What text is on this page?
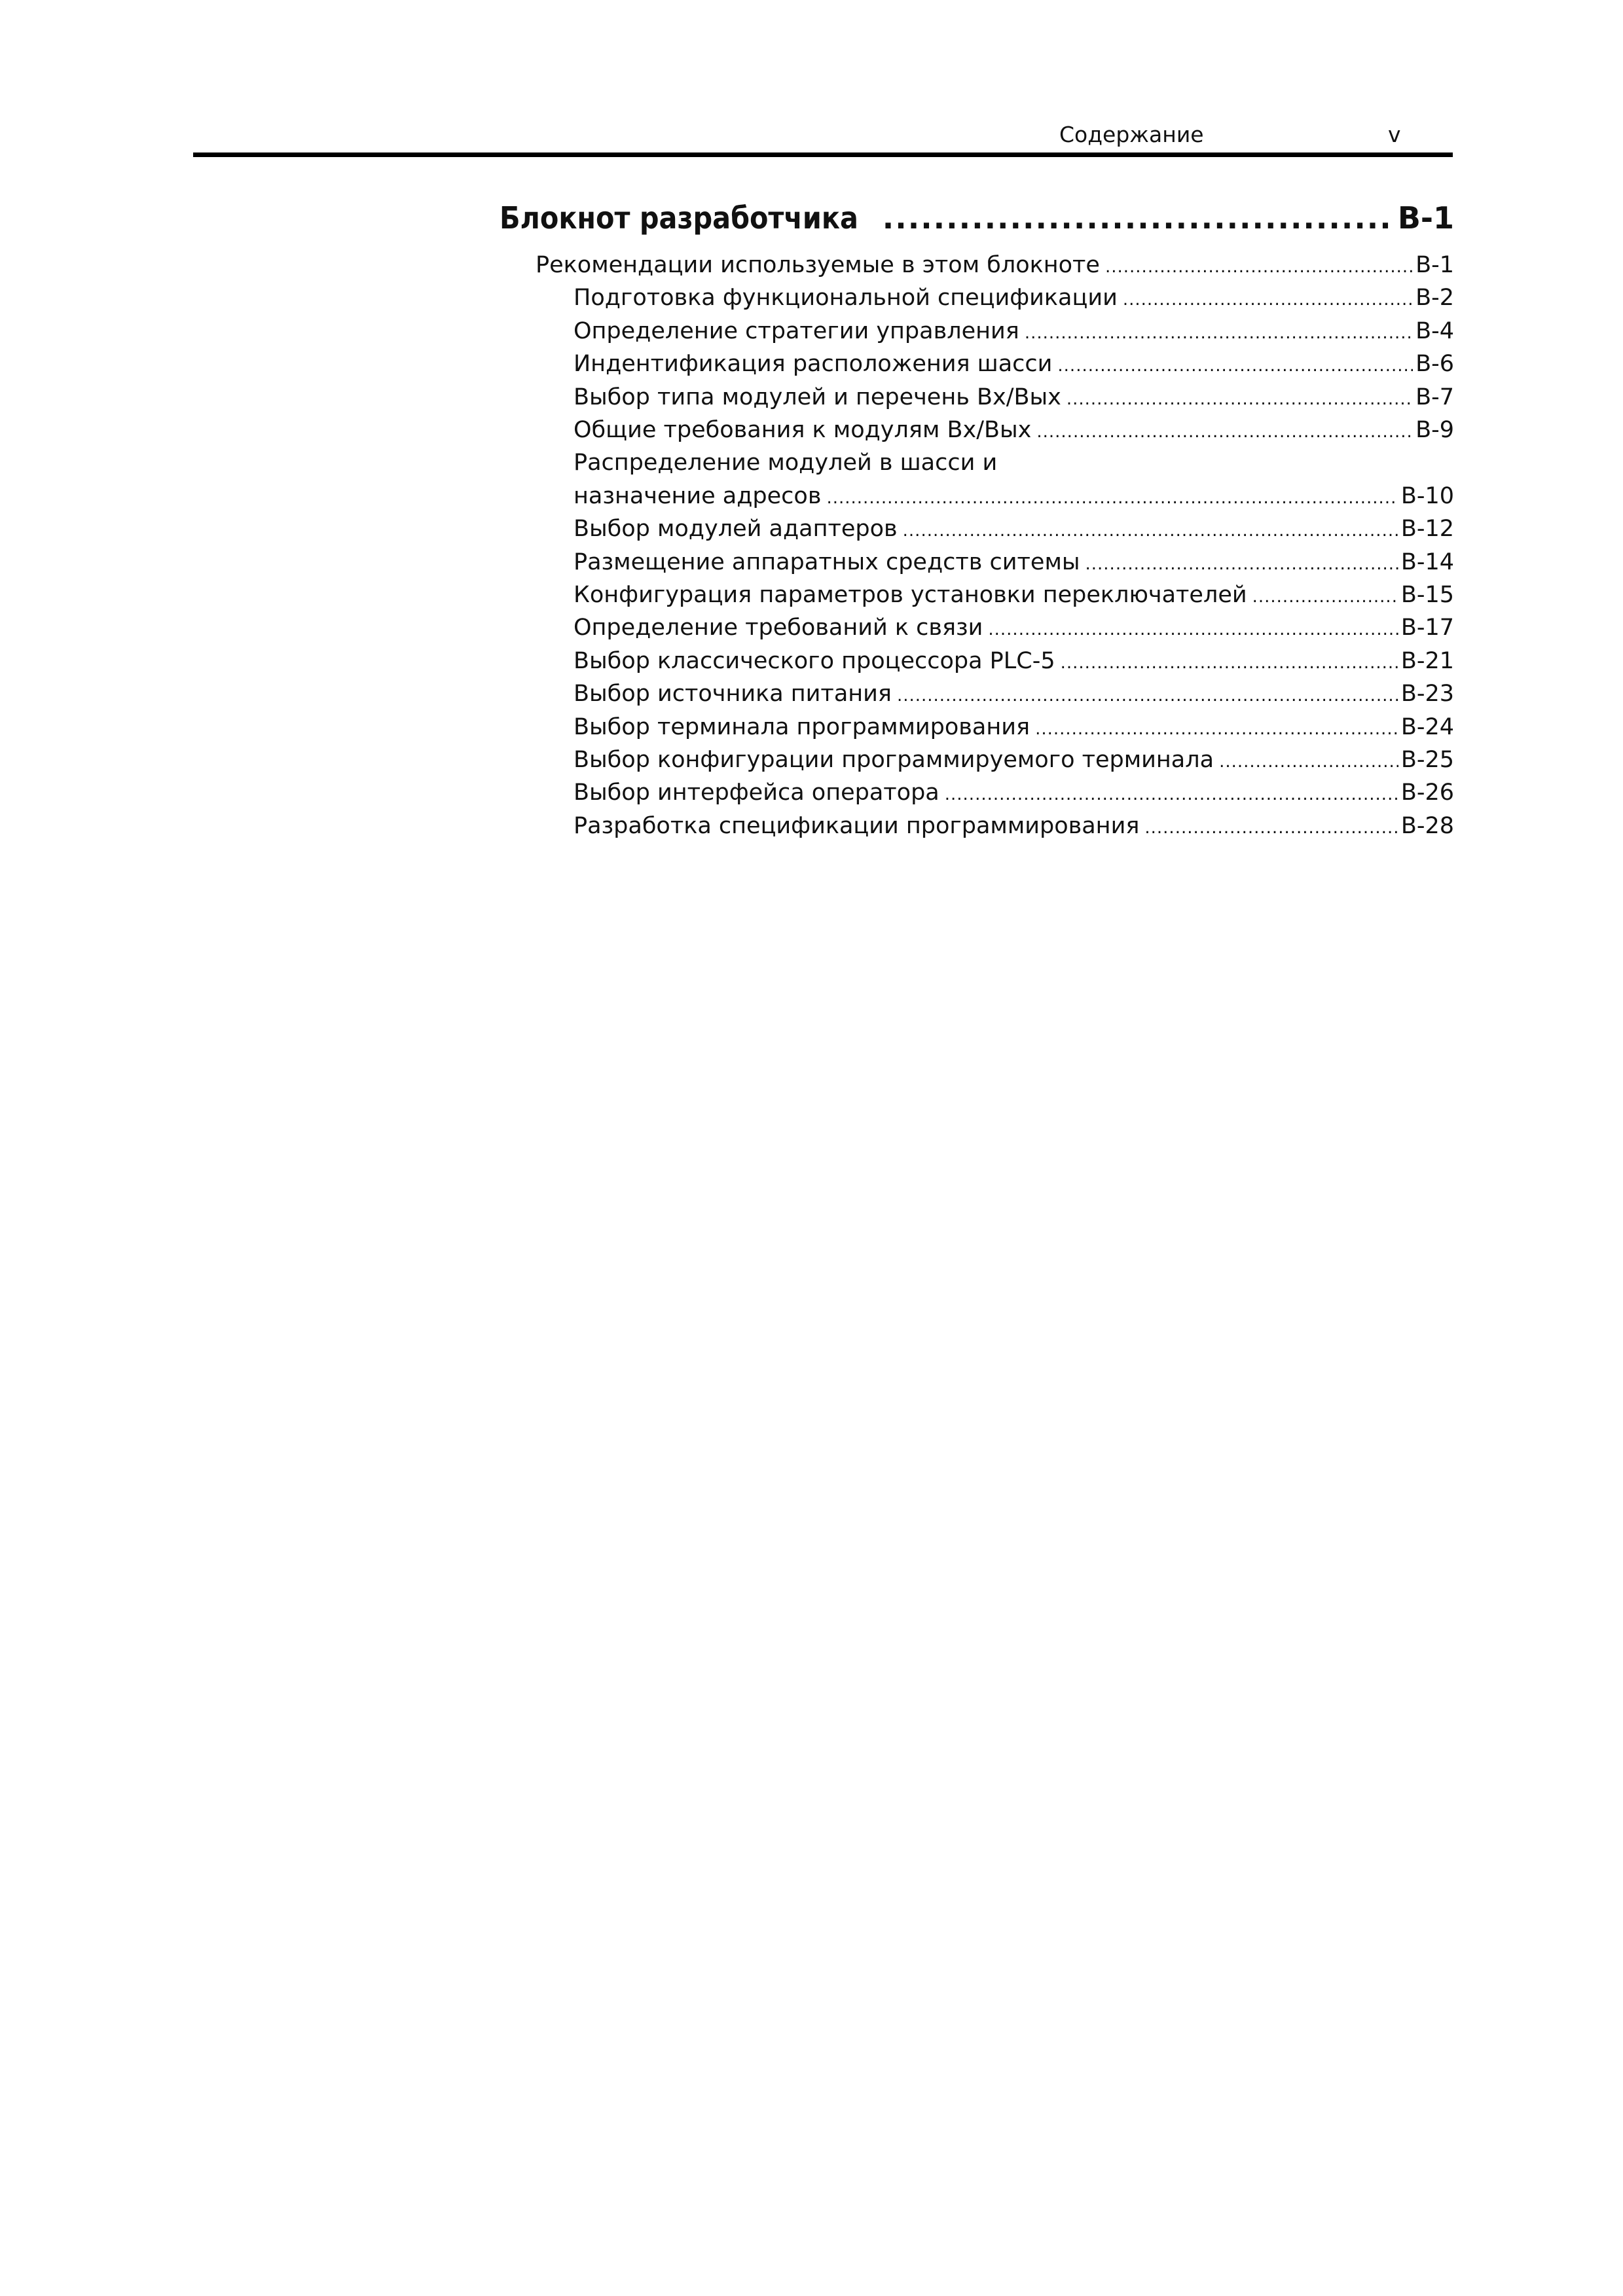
Содержание	v
Блокнот разработчика .....	B-1
Рекомендации используемые в этом блокноте .....	B-1
Подготовка функциональной спецификации .....	B-2
Определение стратегии управления .....	B-4
Индентификация расположения шасси .....	B-6
Выбор типа модулей и перечень Вх/Вых .....	B-7
Общие требования к модулям Вх/Вых .....	B-9
Распределение модулей в шасси и
назначение адресов .....	B-10
Выбор модулей адаптеров .....	B-12
Размещение аппаратных средств ситемы .....	B-14
Конфигурация параметров установки переключателей .....	B-15
Определение требований к связи .....	B-17
Выбор классического процессора PLC-5 .....	B-21
Выбор источника питания .....	B-23
Выбор терминала программирования .....	B-24
Выбор конфигурации программируемого терминала .....	B-25
Выбор интерфейса оператора .....	B-26
Разработка спецификации программирования .....	B-28
